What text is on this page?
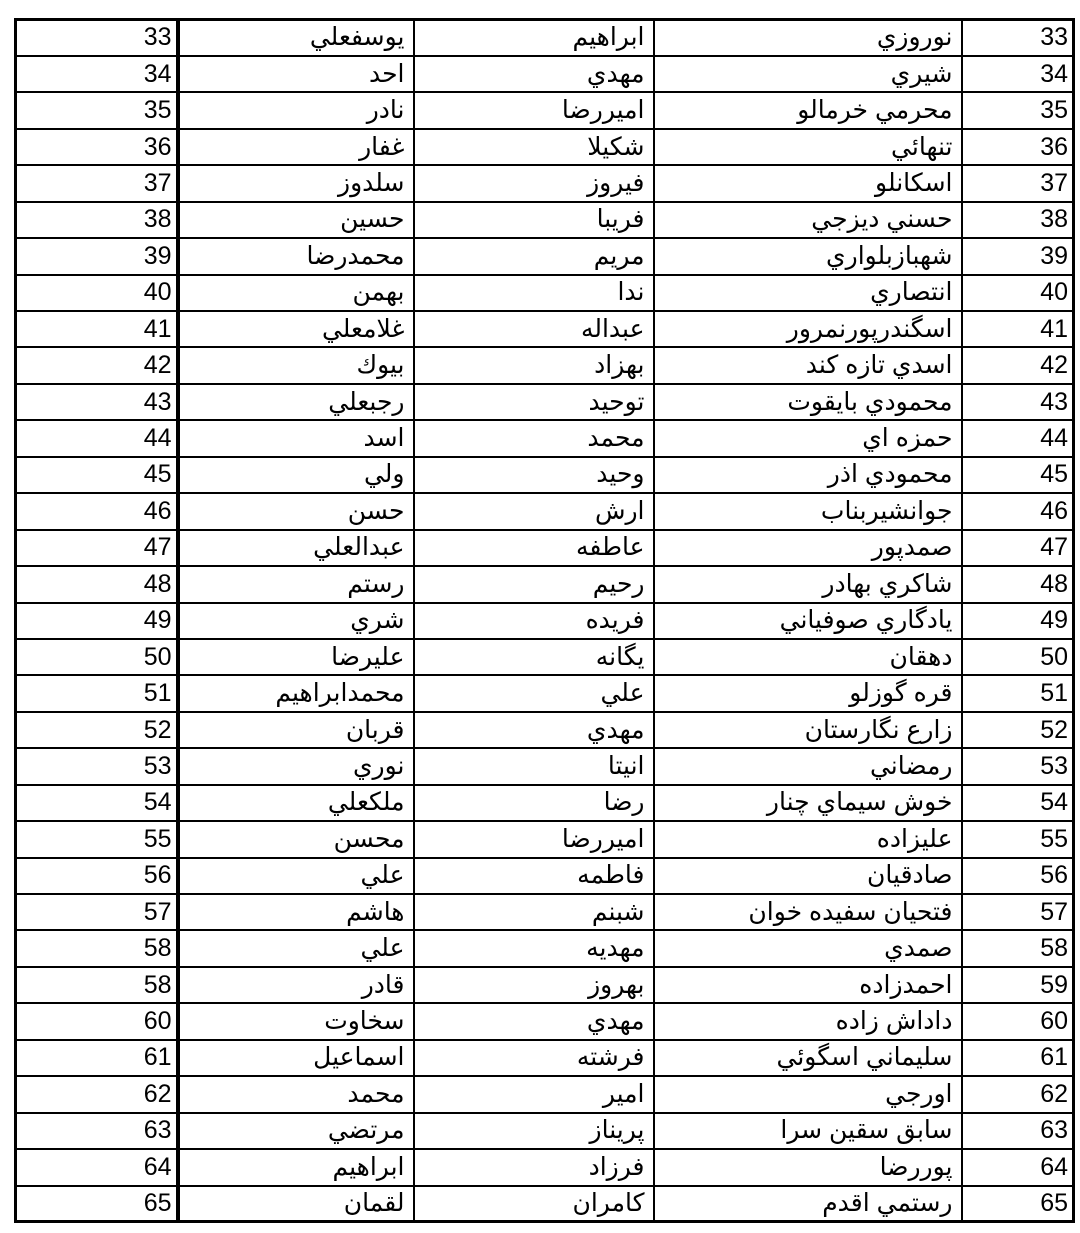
33	يوسفعلي	ابراهيم	نوروزي	33
34	احد	مهدي	شيري	34
35	نادر	اميررضا	محرمي خرمالو	35
36	غفار	شكيلا	تنهائي	36
37	سلدوز	فيروز	اسكانلو	37
38	حسين	فريبا	حسني ديزجي	38
39	محمدرضا	مريم	شهبازبلواري	39
40	بهمن	ندا	انتصاري	40
41	غلامعلي	عبداله	اسگندرپورنمرور	41
42	بيوك	بهزاد	اسدي تازه كند	42
43	رجبعلي	توحيد	محمودي بايقوت	43
44	اسد	محمد	حمزه اي	44
45	ولي	وحيد	محمودي اذر	45
46	حسن	ارش	جوانشيربناب	46
47	عبدالعلي	عاطفه	صمدپور	47
48	رستم	رحيم	شاكري بهادر	48
49	شري	فريده	يادگاري صوفياني	49
50	عليرضا	يگانه	دهقان	50
51	محمدابراهيم	علي	قره گوزلو	51
52	قربان	مهدي	زارع نگارستان	52
53	نوري	انيتا	رمضاني	53
54	ملكعلي	رضا	خوش سيماي چنار	54
55	محسن	اميررضا	عليزاده	55
56	علي	فاطمه	صادقيان	56
57	هاشم	شبنم	فتحيان سفيده خوان	57
58	علي	مهديه	صمدي	58
58	قادر	بهروز	احمدزاده	59
60	سخاوت	مهدي	داداش زاده	60
61	اسماعيل	فرشته	سليماني اسگوئي	61
62	محمد	امير	اورجي	62
63	مرتضي	پريناز	سابق سقين سرا	63
64	ابراهيم	فرزاد	پوررضا	64
65	لقمان	كامران	رستمي اقدم	65
